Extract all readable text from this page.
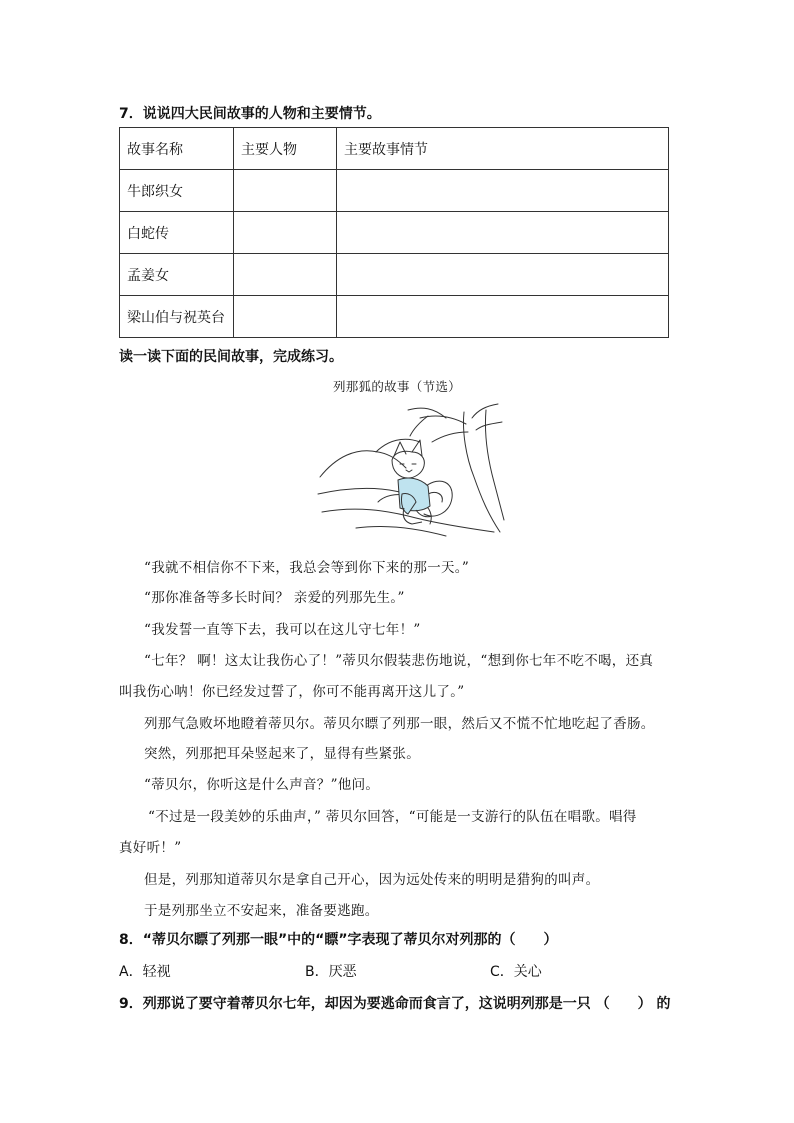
7．说说四大民间故事的人物和主要情节。
故事名称	主要人物	主要故事情节
牛郎织女		
白蛇传		
孟姜女		
梁山伯与祝英台		
读一读下面的民间故事，完成练习。
列那狐的故事（节选）
“我就不相信你不下来，我总会等到你下来的那一天。”
“那你准备等多长时间？ 亲爱的列那先生。”
“我发誓一直等下去，我可以在这儿守七年！”
“七年？ 啊！这太让我伤心了！”蒂贝尔假装悲伤地说，“想到你七年不吃不喝，还真
叫我伤心呐！你已经发过誓了，你可不能再离开这儿了。”
列那气急败坏地瞪着蒂贝尔。蒂贝尔瞟了列那一眼，然后又不慌不忙地吃起了香肠。
突然，列那把耳朵竖起来了，显得有些紧张。
“蒂贝尔，你听这是什么声音？”他问。
“不过是一段美妙的乐曲声，” 蒂贝尔回答，“可能是一支游行的队伍在唱歌。唱得
真好听！”
但是，列那知道蒂贝尔是拿自己开心，因为远处传来的明明是猎狗的叫声。
于是列那坐立不安起来，准备要逃跑。
8．“蒂贝尔瞟了列那一眼”中的“瞟”字表现了蒂贝尔对列那的（　　）
A．轻视	B．厌恶	C．关心
9．列那说了要守着蒂贝尔七年，却因为要逃命而食言了，这说明列那是一只 （　　） 的
